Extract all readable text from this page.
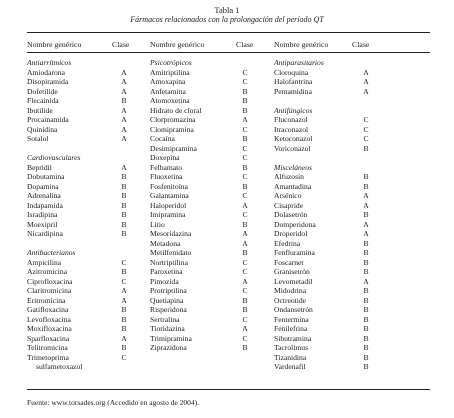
Tabla 1
Fármacos relacionados con la prolongación del período QT
Nombre genérico	Clase	Nombre genérico	Clase	Nombre genérico	Clase
Antiarrítmicos
Amiodarona	A
Disopiramida	A
Dofetilide	A
Flecainida	B
Ibutilide	A
Procainamida	A
Quinidina	A
Sotalol	A
Cardiovasculares
Bepridil	A
Dobutamina	B
Dopamina	B
Adrenalina	B
Indapamida	B
Isradipina	B
Moexipril	B
Nicardipina	B
Antibacterianos
Ampicilina	C
Azitromicina	B
Ciprofloxacina	C
Claritromicina	A
Eritromicina	A
Gatifloxacina	B
Levofloxacina	B
Moxifloxacina	B
Sparfloxacina	A
Telitromicina	B
Trimetoprima	C
sulfametoxazol
Psicotrópicos
Amitriptilina	C
Amoxapina	C
Anfetamina	B
Atomoxetina	B
Hidrato de cloral	B
Clorpromazina	A
Clomipramina	C
Cocaína	B
Desimipramina	C
Doxepina	C
Felbamato	B
Fluoxetina	C
Fosfenitoína	B
Galantamina	C
Haloperidol	A
Imipramina	C
Litio	B
Mesoridazina	A
Metadona	A
Metilfenidato	B
Nortriptilina	C
Paroxetina	C
Pimozida	A
Protriptilina	C
Quetiapina	B
Risperidona	B
Sertralina	C
Tioridazina	A
Trimipramina	C
Ziprazidona	B
Antiparasitarios
Cloroquina	A
Halofantrina	A
Pentamidina	A
Antifúngicos
Fluconazol	C
Itraconazol	C
Ketoconazol	C
Voriconazol	B
Misceláneos
Alfuzosin	B
Amantadina	B
Arsénico	A
Cisapride	A
Dolasetrón	B
Domperidona	A
Droperidol	A
Efedrina	B
Fenfluramina	B
Foscarnet	B
Granisetrón	B
Levometadil	A
Midodrina	B
Octreotide	B
Ondansetrón	B
Fentermina	B
Fenilefrina	B
Sibutramina	B
Tacrolimus	B
Tizanidina	B
Vardenafil	B
Fuente: www.torsades.org (Accedido en agosto de 2004).
